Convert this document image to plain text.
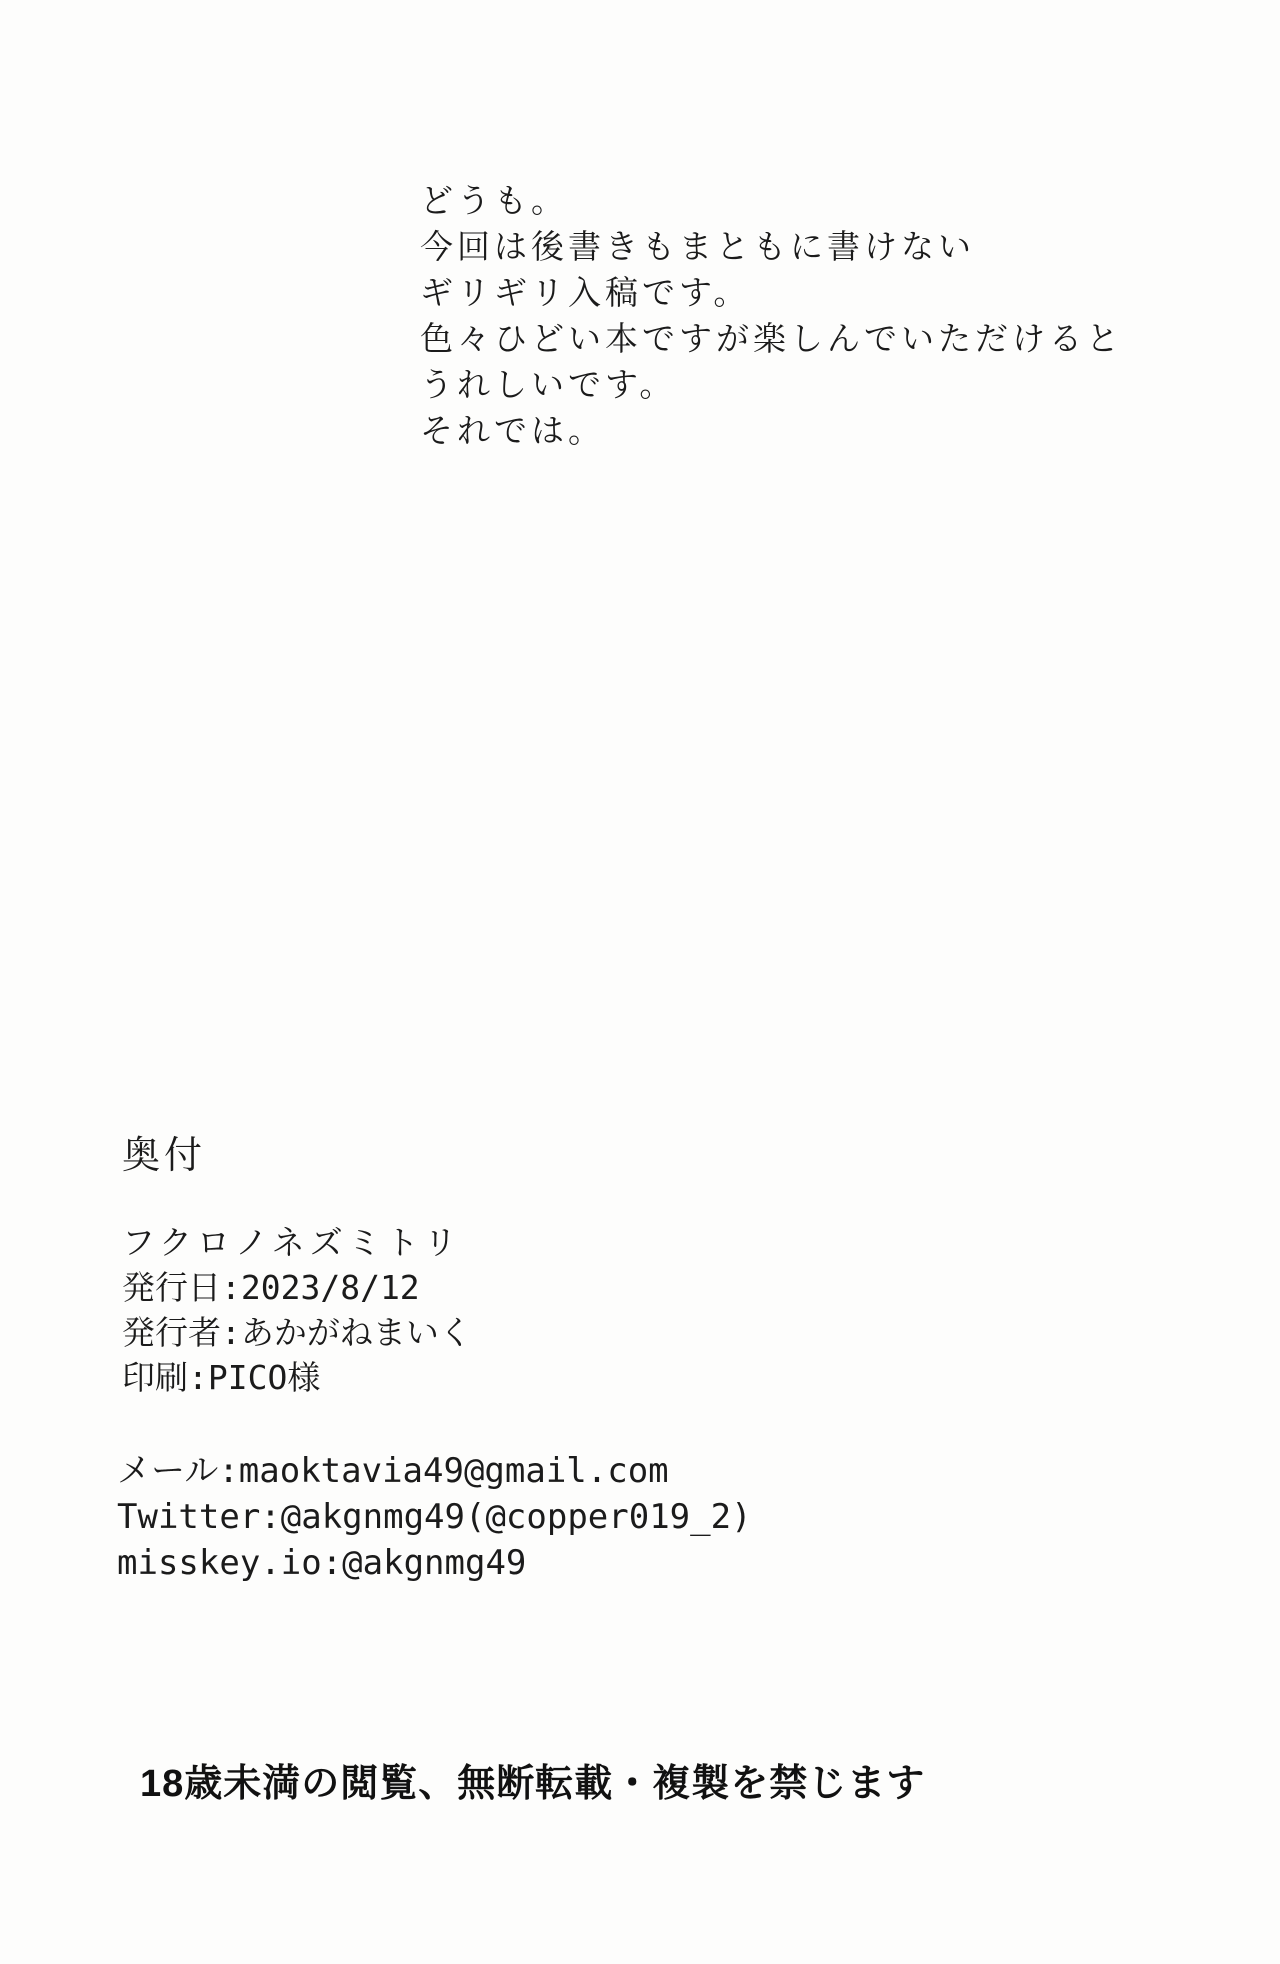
どうも。

今回は後書きもまともに書けない

ギリギリ入稿です。

色々ひどい本ですが楽しんでいただけると

うれしいです。

それでは。

奥付

フクロノネズミトリ

発行日:2023/8/12

発行者:あかがねまいく

印刷:PICO様

メール:maoktavia49@gmail.com

Twitter:@akgnmg49(@copper019_2)

misskey.io:@akgnmg49

18歳未満の閲覧、無断転載・複製を禁じます
